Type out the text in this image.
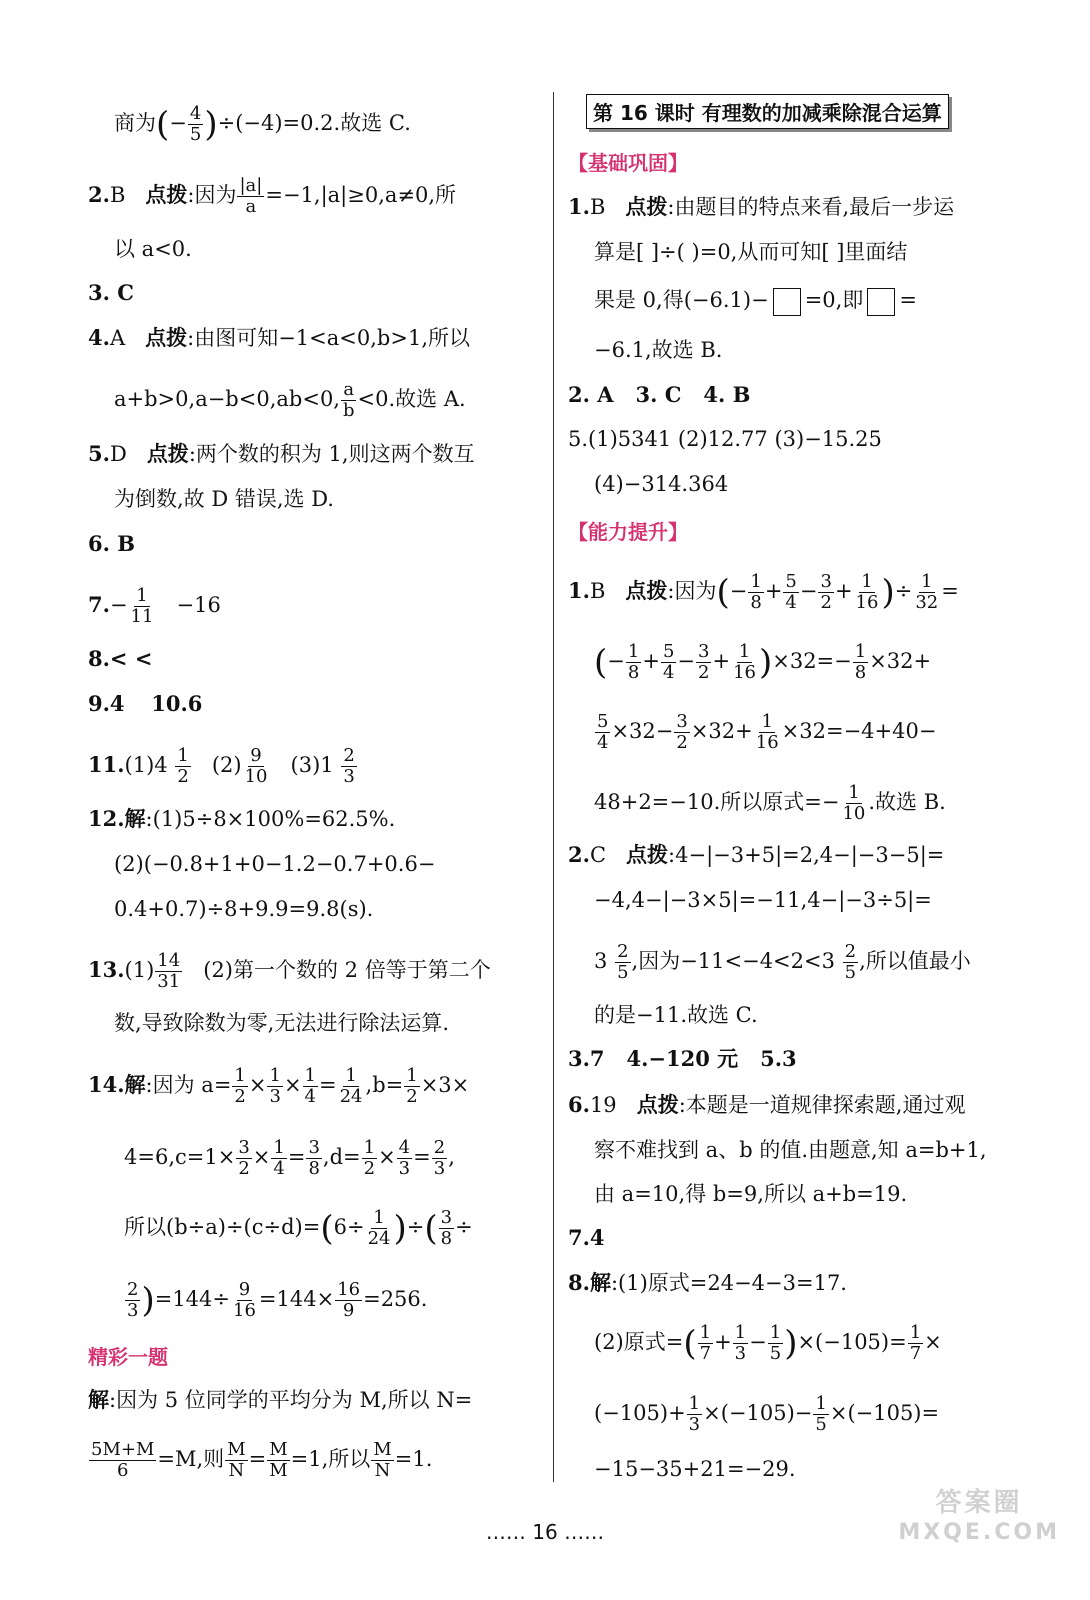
商为(− $\frac{4}{5} )\div(-4)=0.2$.故选 C.
2.B 点拨:因为 $\frac{|a|}{a} =-1,|a|\ge 0,a\ne 0$,所
以 a<0.
3. C
4.A 点拨:由图可知−1<a<0,b>1,所以
a+b>0,a−b<0,ab<0, $\frac{a}{b} <0$.故选 A.
5.D 点拨:两个数的积为 1,则这两个数互
为倒数,故 D 错误,选 D.
6. B
$7.- \frac{1}{11} -16$
8.< <
9.4 10.6
$11.(1)4 \frac{1}{2} (2) \frac{9}{10} (3)1 \frac{2}{3}$
12.解:(1)5÷8×100%=62.5%.
(2)(−0.8+1+0−1.2−0.7+0.6−
0.4+0.7)÷8+9.9=9.8(s).
$13.(1) \frac{14}{31} (2)$第一个数的 2 倍等于第二个
数,导致除数为零,无法进行除法运算.
14.解:因为 $a= \frac{1}{2} \times \frac{1}{3} \times \frac{1}{4} = \frac{1}{24} ,b= \frac{1}{2} \times 3\times$
$4=6,c=1\times \frac{3}{2} \times \frac{1}{4} = \frac{3}{8} ,d= \frac{1}{2} \times \frac{4}{3} = \frac{2}{3}$ ,
所以$(b\div a)\div(c\div d)=(6\div \frac{1}{24}$ )÷( $\frac{3}{8}$ ÷
$\frac{2}{3} )=144\div \frac{9}{16} =144\times \frac{16}{9} =256$.
精彩一题
解:因为 5 位同学的平均分为 M,所以 N=
$\frac{5M+M}{6} =M$,则 $\frac{M}{N} = \frac{M}{M} =1$,所以 $\frac{M}{N} =1$.
第 16 课时 有理数的加减乘除混合运算
【基础巩固】
1.B 点拨:由题目的特点来看,最后一步运
算是[ ]÷( )=0,从而可知[ ]里面结
果是 0,得(−6.1)− =0,即 =
−6.1,故选 B.
2. A 3. C 4. B
5.(1)5341 (2)12.77 (3)−15.25
(4)−314.364
【能力提升】
1.B 点拨:因为(− $\frac{1}{8} + \frac{5}{4} - \frac{3}{2} + \frac{1}{16}$ )÷ $\frac{1}{32}$ =
(− $\frac{1}{8} + \frac{5}{4} - \frac{3}{2} + \frac{1}{16} )\times 32=- \frac{1}{8} \times 32+$
$\frac{5}{4} \times 32- \frac{3}{2} \times 32+ \frac{1}{16} \times 32=-4+40-$
48+2=−10.所以原式=− $\frac{1}{10}$ .故选 B.
2.C 点拨:4−|−3+5|=2,4−|−3−5|=
−4,4−|−3×5|=−11,4−|−3÷5|=
$3 \frac{2}{5}$ ,因为$-11<-4<2<3 \frac{2}{5}$ ,所以值最小
的是−11.故选 C.
3.7 4.−120 元 5.3
6.19 点拨:本题是一道规律探索题,通过观
察不难找到 a、b 的值.由题意,知 a=b+1,
由 a=10,得 b=9,所以 a+b=19.
7.4
8.解:(1)原式=24−4−3=17.
(2)原式=( $\frac{1}{7} + \frac{1}{3} - \frac{1}{5} )\times(-105)= \frac{1}{7}$ ×
$(-105)+ \frac{1}{3} \times(-105)- \frac{1}{5} \times(-105)=$
−15−35+21=−29.
…… 16 ……
答案圈
MXQE.COM
